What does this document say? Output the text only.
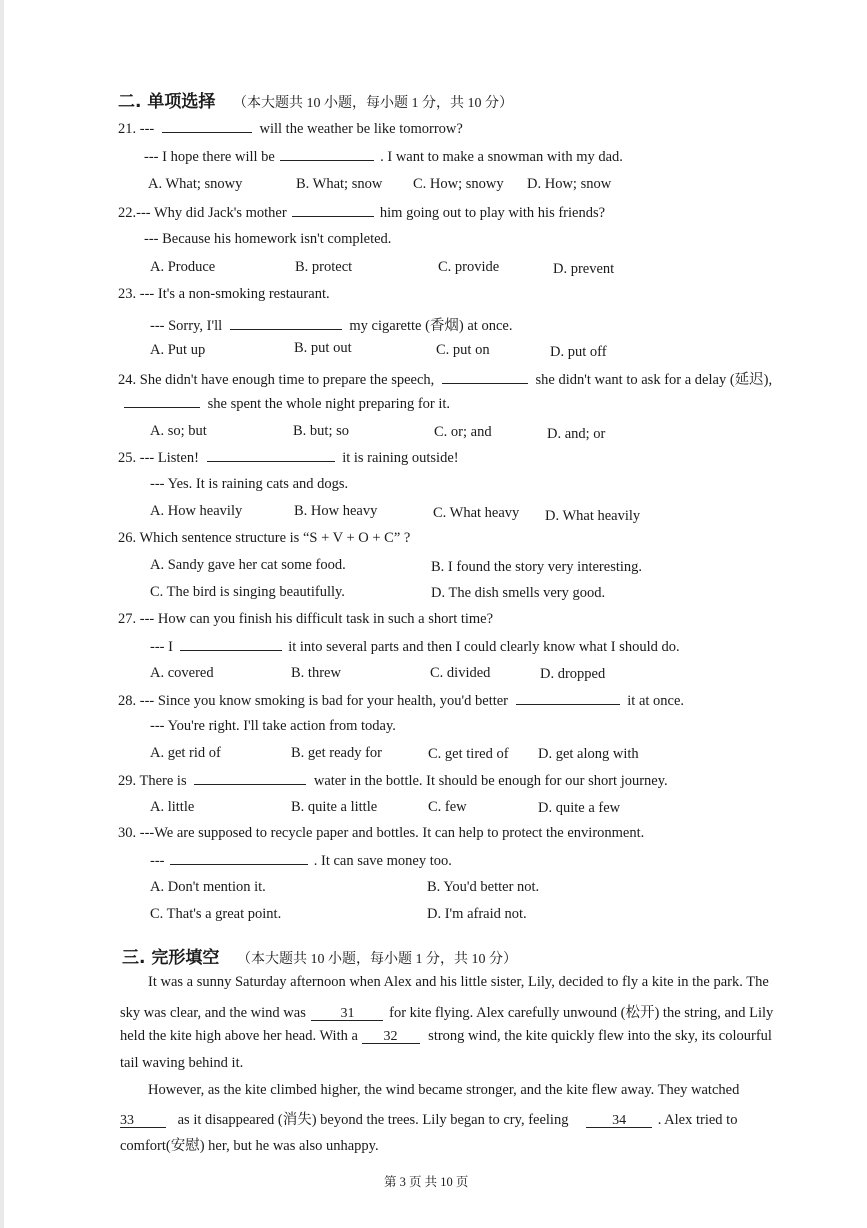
二. 单项选择 （本大题共 10 小题，每小题 1 分，共 10 分）
21. ---	will the weather be like tomorrow?
--- I hope there will be	. I want to make a snowman with my dad.
A. What; snowy	B. What; snow C. How; snowy D. How; snow
22.--- Why did Jack's mother	him going out to play with his friends?
--- Because his homework isn't completed.
A. Produce	B. protect	C. provide	D. prevent
23. --- It's a non-smoking restaurant.
--- Sorry, I'll	my cigarette (香烟) at once.
A. Put up	B. put out	C. put on	D. put off
24. She didn't have enough time to prepare the speech,	she didn't want to ask for a delay (延迟),
she spent the whole night preparing for it.
A. so; but	B. but; so	C. or; and	D. and; or
25. --- Listen!	it is raining outside!
--- Yes. It is raining cats and dogs.
A. How heavily	B. How heavy	C. What heavy D. What heavily
26. Which sentence structure is “S + V + O + C” ?
A. Sandy gave her cat some food.	B. I found the story very interesting.
C. The bird is singing beautifully.	D. The dish smells very good.
27. --- How can you finish his difficult task in such a short time?
--- I	it into several parts and then I could clearly know what I should do.
A. covered	B. threw	C. divided	D. dropped
28. --- Since you know smoking is bad for your health, you'd better	it at once.
--- You're right. I'll take action from today.
A. get rid of	B. get ready for	C. get tired of D. get along with
29. There is	water in the bottle. It should be enough for our short journey.
A. little	B. quite a little	C. few	D. quite a few
30. ---We are supposed to recycle paper and bottles. It can help to protect the environment.
---	. It can save money too.
A. Don't mention it.	B. You'd better not.
C. That's a great point.	D. I'm afraid not.
三. 完形填空 （本大题共 10 小题，每小题 1 分，共 10 分）
It was a sunny Saturday afternoon when Alex and his little sister, Lily, decided to fly a kite in the park. The
sky was clear, and the wind was 31 for kite flying. Alex carefully unwound (松开) the string, and Lily
held the kite high above her head. With a 32 strong wind, the kite quickly flew into the sky, its colourful
tail waving behind it.
However, as the kite climbed higher, the wind became stronger, and the kite flew away. They watched
33	as it disappeared (消失) beyond the trees. Lily began to cry, feeling	34 . Alex tried to
comfort(安慰) her, but he was also unhappy.
第 3 页 共 10 页
